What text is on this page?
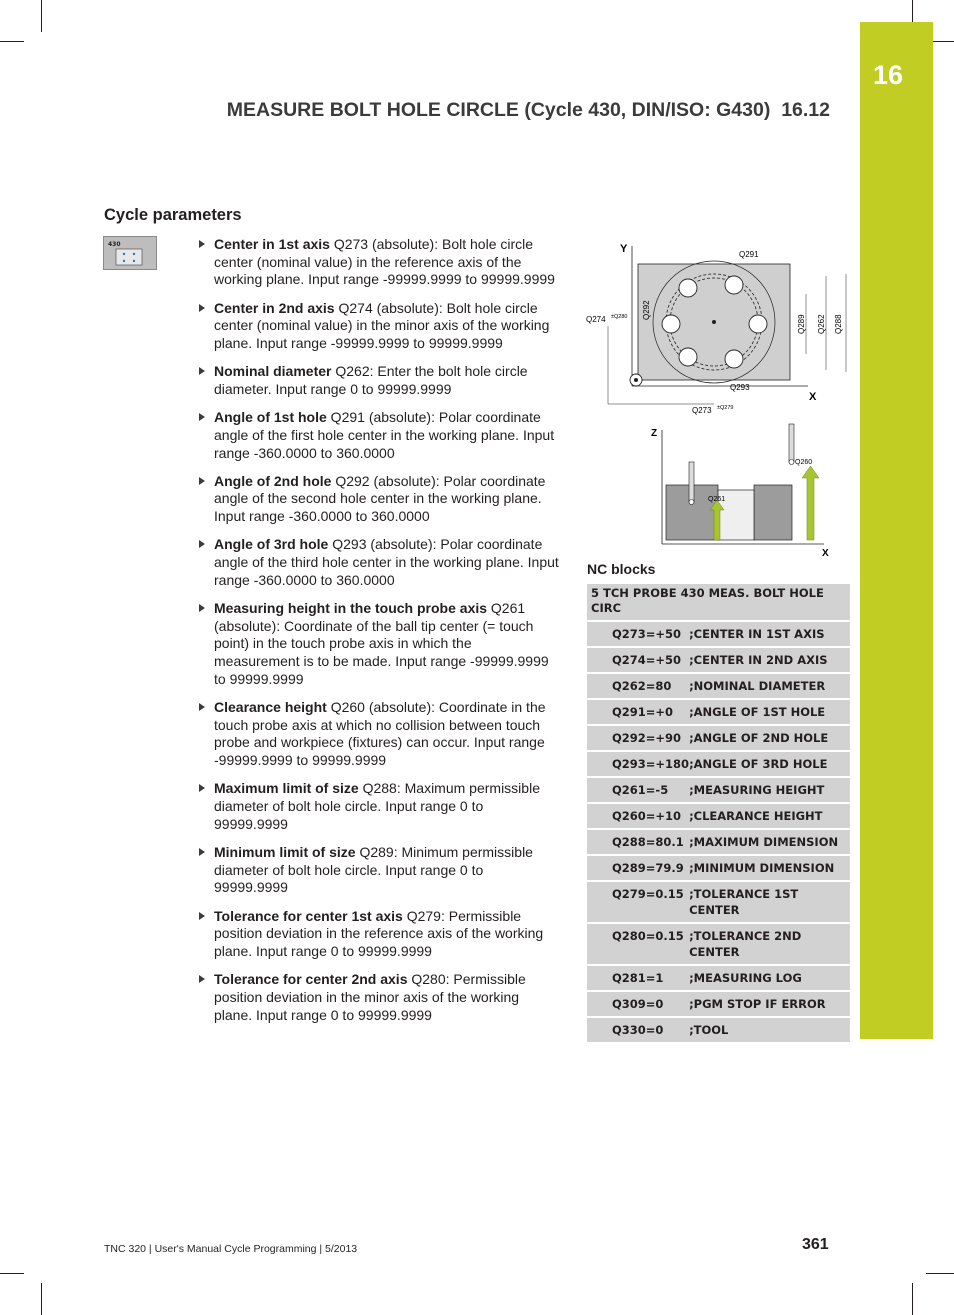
16
MEASURE BOLT HOLE CIRCLE (Cycle 430, DIN/ISO: G430) 16.12
Cycle parameters
430	Center in 1st axis Q273 (absolute): Bolt hole circle center (nominal value) in the reference axis of the working plane. Input range -99999.9999 to 99999.9999
Center in 2nd axis Q274 (absolute): Bolt hole circle center (nominal value) in the minor axis of the working plane. Input range -99999.9999 to 99999.9999
Nominal diameter Q262: Enter the bolt hole circle diameter. Input range 0 to 99999.9999
Angle of 1st hole Q291 (absolute): Polar coordinate angle of the first hole center in the working plane. Input range -360.0000 to 360.0000
Angle of 2nd hole Q292 (absolute): Polar coordinate angle of the second hole center in the working plane. Input range -360.0000 to 360.0000
Angle of 3rd hole Q293 (absolute): Polar coordinate angle of the third hole center in the working plane. Input range -360.0000 to 360.0000
Measuring height in the touch probe axis Q261 (absolute): Coordinate of the ball tip center (= touch point) in the touch probe axis in which the measurement is to be made. Input range -99999.9999 to 99999.9999
Clearance height Q260 (absolute): Coordinate in the touch probe axis at which no collision between touch probe and workpiece (fixtures) can occur. Input range -99999.9999 to 99999.9999
Maximum limit of size Q288: Maximum permissible diameter of bolt hole circle. Input range 0 to 99999.9999
Minimum limit of size Q289: Minimum permissible diameter of bolt hole circle. Input range 0 to 99999.9999
Tolerance for center 1st axis Q279: Permissible position deviation in the reference axis of the working plane. Input range 0 to 99999.9999
Tolerance for center 2nd axis Q280: Permissible position deviation in the minor axis of the working plane. Input range 0 to 99999.9999
Y
X
Q291
Q293
Q274 ±Q280
Q273 ±Q279
Q292
Q289 Q262 Q288
Z
X
Q260
Q261
NC blocks
5 TCH PROBE 430 MEAS. BOLT HOLE CIRC	
Q273=+50	;CENTER IN 1ST AXIS
Q274=+50	;CENTER IN 2ND AXIS
Q262=80	;NOMINAL DIAMETER
Q291=+0	;ANGLE OF 1ST HOLE
Q292=+90	;ANGLE OF 2ND HOLE
Q293=+180	;ANGLE OF 3RD HOLE
Q261=-5	;MEASURING HEIGHT
Q260=+10	;CLEARANCE HEIGHT
Q288=80.1	;MAXIMUM DIMENSION
Q289=79.9	;MINIMUM DIMENSION
Q279=0.15	;TOLERANCE 1ST CENTER
Q280=0.15	;TOLERANCE 2ND CENTER
Q281=1	;MEASURING LOG
Q309=0	;PGM STOP IF ERROR
Q330=0	;TOOL
TNC 320 | User's Manual Cycle Programming | 5/2013	361
